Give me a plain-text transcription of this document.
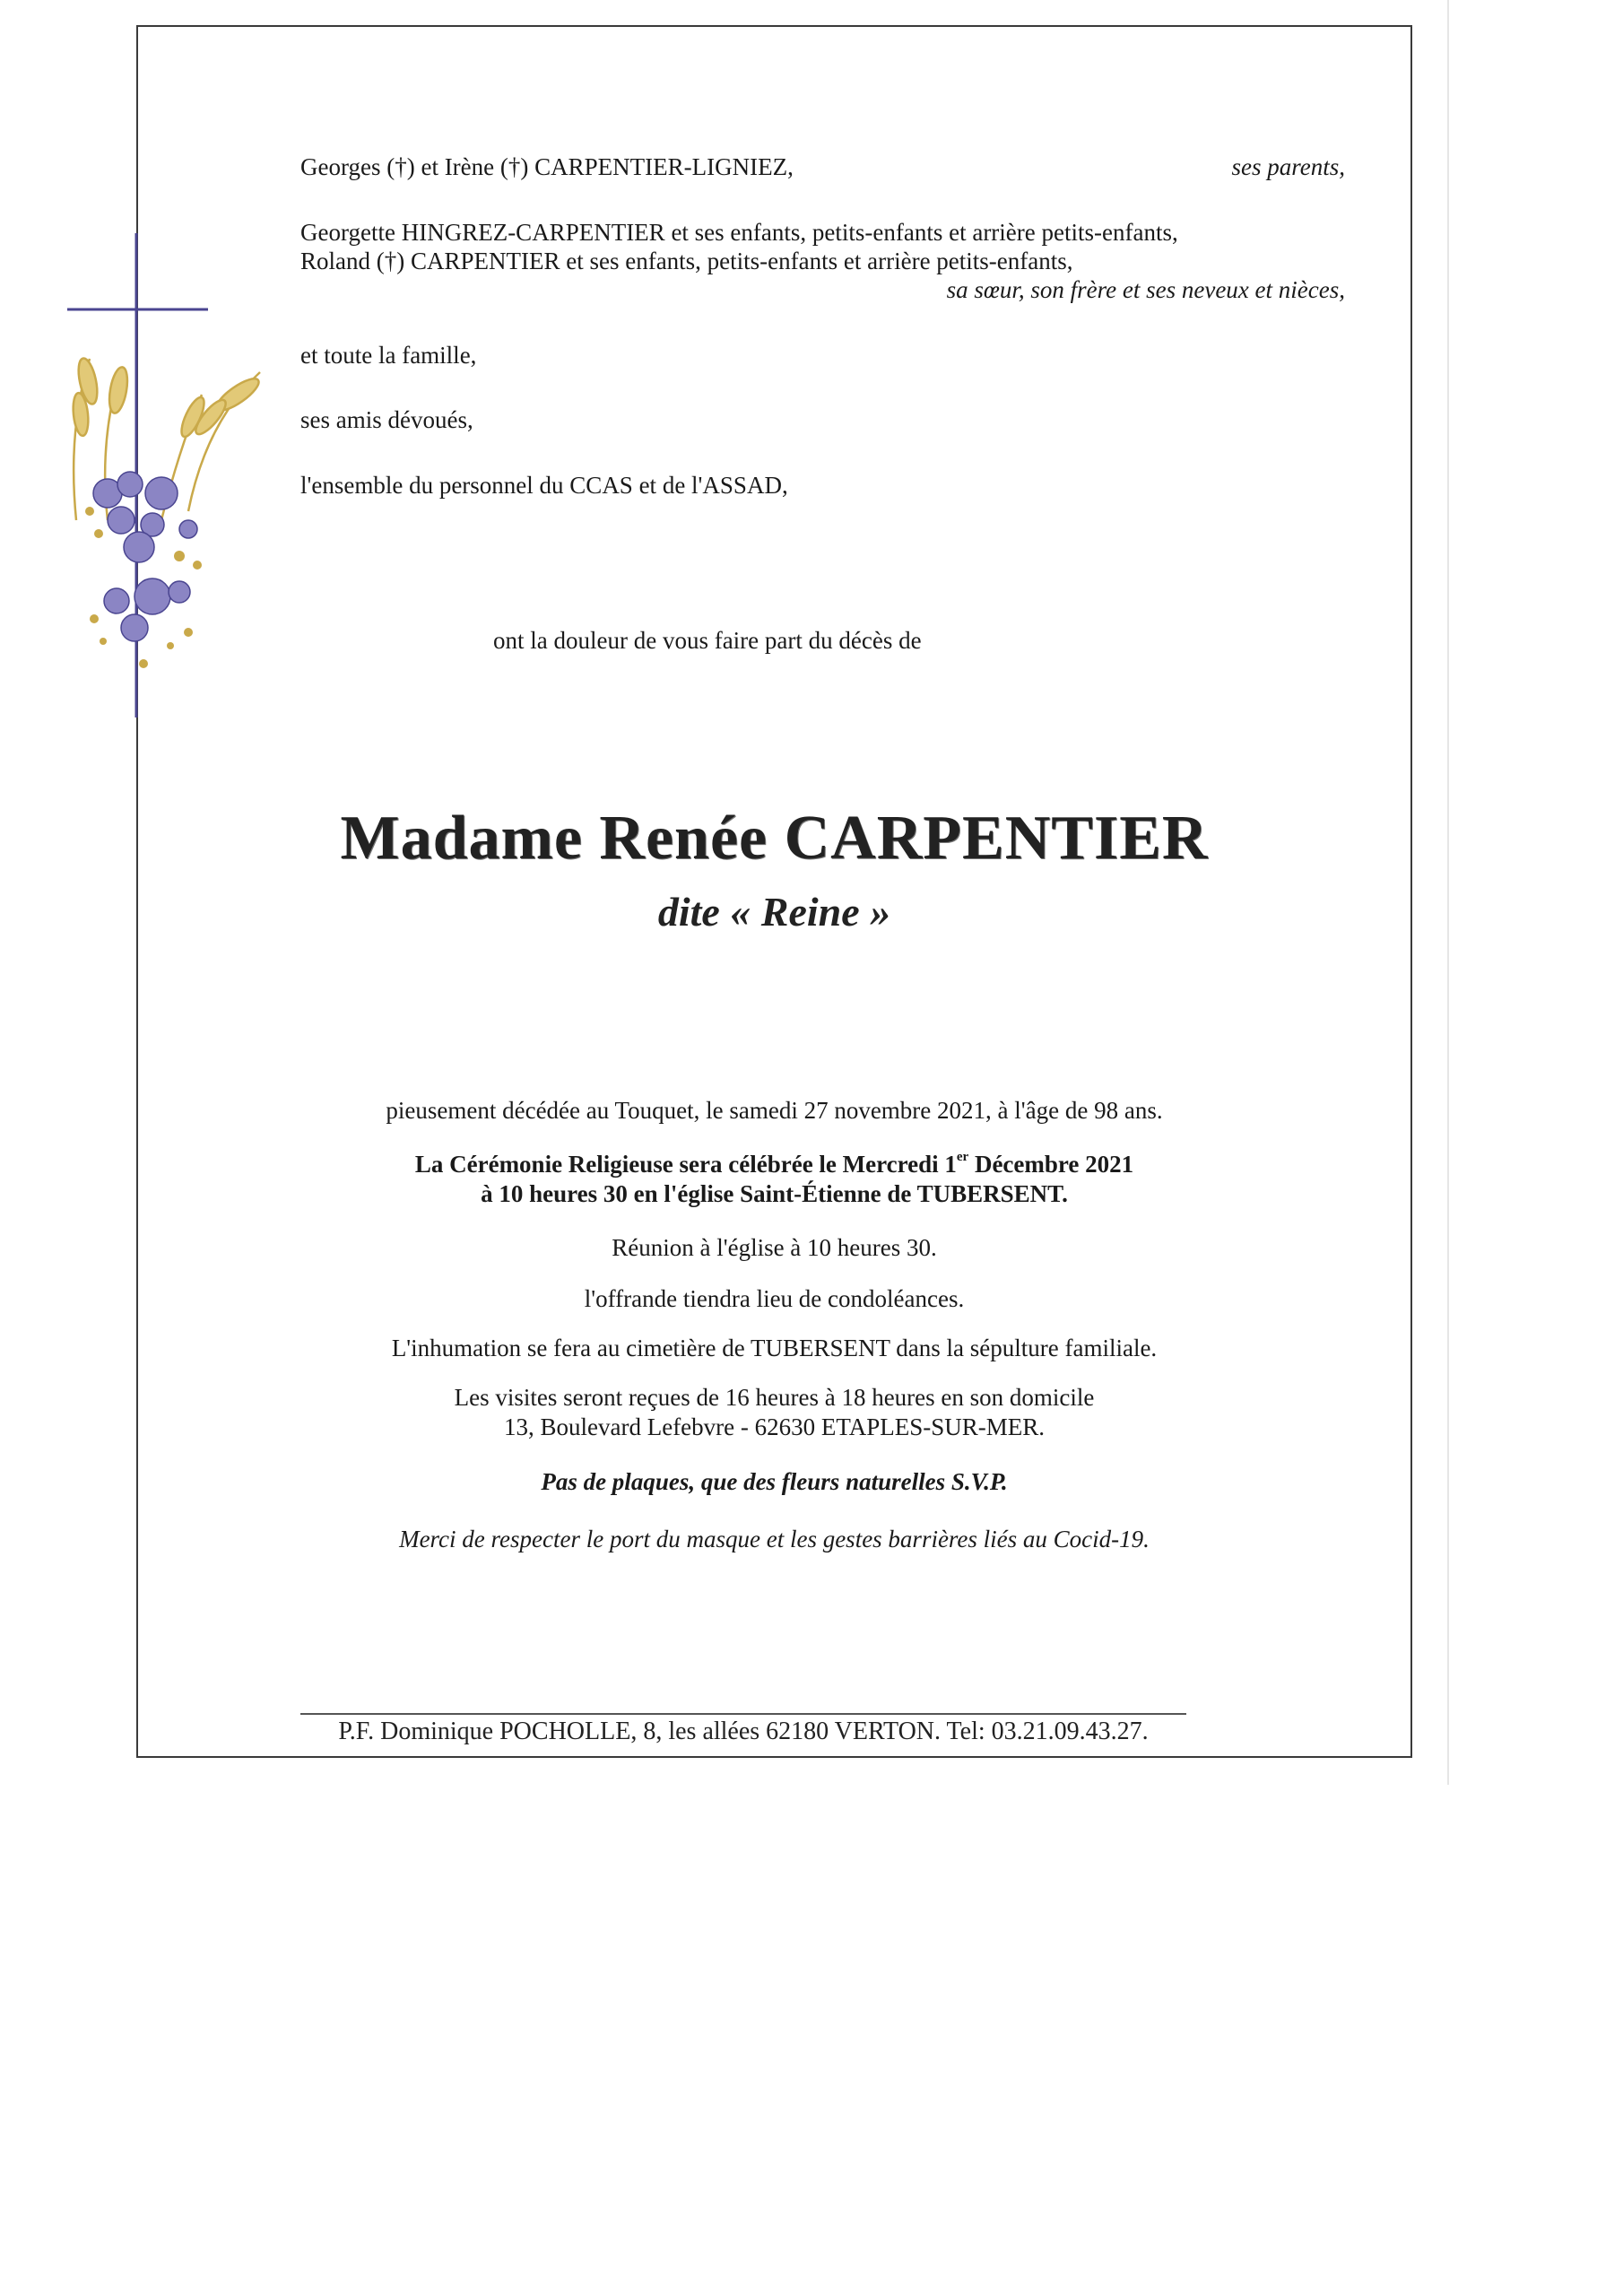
Georges (†) et Irène (†) CARPENTIER-LIGNIEZ,	ses parents,
Georgette HINGREZ-CARPENTIER et ses enfants, petits-enfants et arrière petits-enfants,
Roland (†) CARPENTIER et ses enfants, petits-enfants et arrière petits-enfants,
sa sœur, son frère et ses neveux et nièces,
et toute la famille,
ses amis dévoués,
l'ensemble du personnel du CCAS et de l'ASSAD,
ont la douleur de vous faire part du décès de
Madame Renée CARPENTIER
dite « Reine »
pieusement décédée au Touquet, le samedi 27 novembre 2021, à l'âge de 98 ans.
La Cérémonie Religieuse sera célébrée le Mercredi 1er Décembre 2021
à 10 heures 30 en l'église Saint-Étienne de TUBERSENT.
Réunion à l'église à 10 heures 30.
l'offrande tiendra lieu de condoléances.
L'inhumation se fera au cimetière de TUBERSENT dans la sépulture familiale.
Les visites seront reçues de 16 heures à 18 heures en son domicile
13, Boulevard Lefebvre - 62630 ETAPLES-SUR-MER.
Pas de plaques, que des fleurs naturelles S.V.P.
Merci de respecter le port du masque et les gestes barrières liés au Cocid-19.
P.F. Dominique POCHOLLE, 8, les allées 62180 VERTON. Tel: 03.21.09.43.27.
